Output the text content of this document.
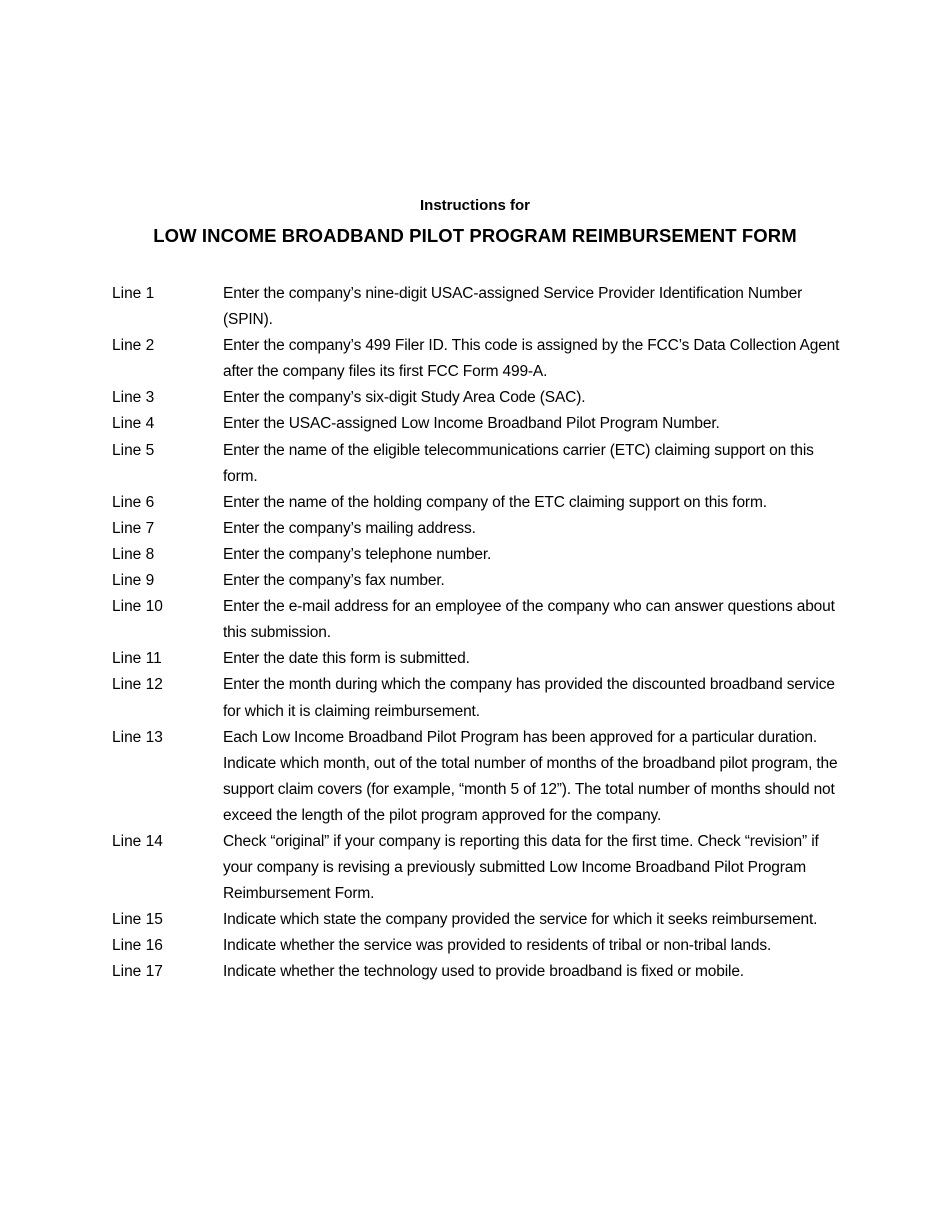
Instructions for
LOW INCOME BROADBAND PILOT PROGRAM REIMBURSEMENT FORM
Line 1	Enter the company’s nine-digit USAC-assigned Service Provider Identification Number (SPIN).
Line 2	Enter the company’s 499 Filer ID. This code is assigned by the FCC’s Data Collection Agent after the company files its first FCC Form 499-A.
Line 3	Enter the company’s six-digit Study Area Code (SAC).
Line 4	Enter the USAC-assigned Low Income Broadband Pilot Program Number.
Line 5	Enter the name of the eligible telecommunications carrier (ETC) claiming support on this form.
Line 6	Enter the name of the holding company of the ETC claiming support on this form.
Line 7	Enter the company’s mailing address.
Line 8	Enter the company’s telephone number.
Line 9	Enter the company’s fax number.
Line 10	Enter the e-mail address for an employee of the company who can answer questions about this submission.
Line 11	Enter the date this form is submitted.
Line 12	Enter the month during which the company has provided the discounted broadband service for which it is claiming reimbursement.
Line 13	Each Low Income Broadband Pilot Program has been approved for a particular duration. Indicate which month, out of the total number of months of the broadband pilot program, the support claim covers (for example, “month 5 of 12”). The total number of months should not exceed the length of the pilot program approved for the company.
Line 14	Check “original” if your company is reporting this data for the first time. Check “revision” if your company is revising a previously submitted Low Income Broadband Pilot Program Reimbursement Form.
Line 15	Indicate which state the company provided the service for which it seeks reimbursement.
Line 16	Indicate whether the service was provided to residents of tribal or non-tribal lands.
Line 17	Indicate whether the technology used to provide broadband is fixed or mobile.
